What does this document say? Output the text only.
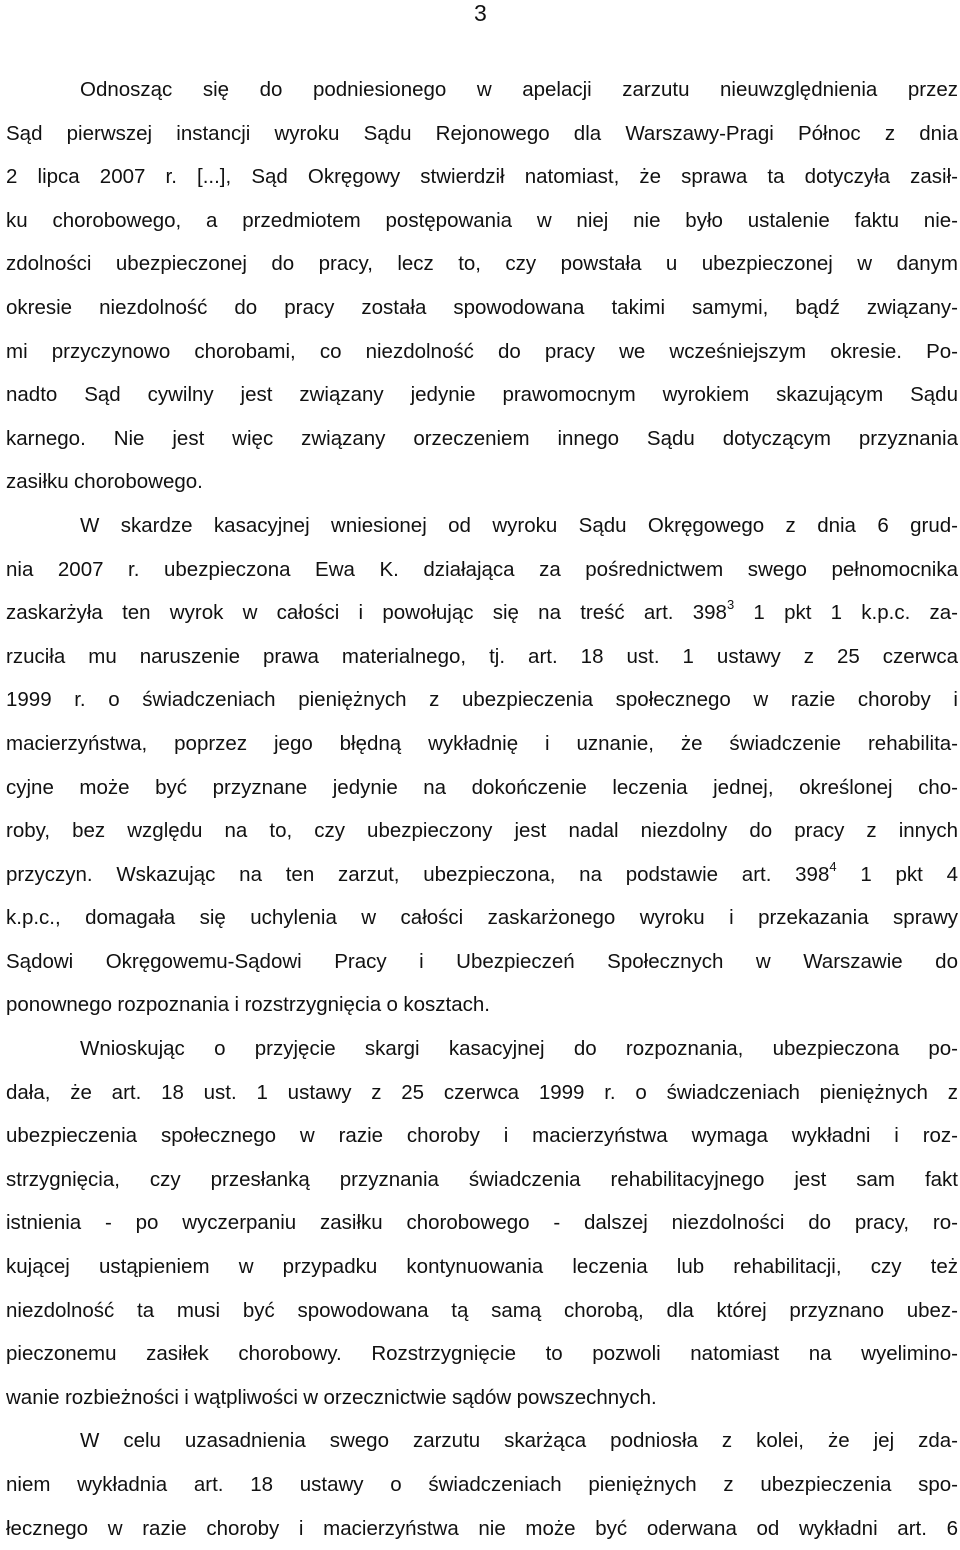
3
Odnosząc się do podniesionego w apelacji zarzutu nieuwzględnienia przez
Sąd pierwszej instancji wyroku Sądu Rejonowego dla Warszawy-Pragi Północ z dnia
2 lipca 2007 r. [...], Sąd Okręgowy stwierdził natomiast, że sprawa ta dotyczyła zasił-
ku chorobowego, a przedmiotem postępowania w niej nie było ustalenie faktu nie-
zdolności ubezpieczonej do pracy, lecz to, czy powstała u ubezpieczonej w danym
okresie niezdolność do pracy została spowodowana takimi samymi, bądź związany-
mi przyczynowo chorobami, co niezdolność do pracy we wcześniejszym okresie. Po-
nadto Sąd cywilny jest związany jedynie prawomocnym wyrokiem skazującym Sądu
karnego. Nie jest więc związany orzeczeniem innego Sądu dotyczącym przyznania
zasiłku chorobowego.
W skardze kasacyjnej wniesionej od wyroku Sądu Okręgowego z dnia 6 grud-
nia 2007 r. ubezpieczona Ewa K. działająca za pośrednictwem swego pełnomocnika
zaskarżyła ten wyrok w całości i powołując się na treść art. $398^3$ 1 pkt 1 k.p.c. za-
rzuciła mu naruszenie prawa materialnego, tj. art. 18 ust. 1 ustawy z 25 czerwca
1999 r. o świadczeniach pieniężnych z ubezpieczenia społecznego w razie choroby i
macierzyństwa, poprzez jego błędną wykładnię i uznanie, że świadczenie rehabilita-
cyjne może być przyznane jedynie na dokończenie leczenia jednej, określonej cho-
roby, bez względu na to, czy ubezpieczony jest nadal niezdolny do pracy z innych
przyczyn. Wskazując na ten zarzut, ubezpieczona, na podstawie art. $398^4$ 1 pkt 4
k.p.c., domagała się uchylenia w całości zaskarżonego wyroku i przekazania sprawy
Sądowi Okręgowemu-Sądowi Pracy i Ubezpieczeń Społecznych w Warszawie do
ponownego rozpoznania i rozstrzygnięcia o kosztach.
Wnioskując o przyjęcie skargi kasacyjnej do rozpoznania, ubezpieczona po-
dała, że art. 18 ust. 1 ustawy z 25 czerwca 1999 r. o świadczeniach pieniężnych z
ubezpieczenia społecznego w razie choroby i macierzyństwa wymaga wykładni i roz-
strzygnięcia, czy przesłanką przyznania świadczenia rehabilitacyjnego jest sam fakt
istnienia - po wyczerpaniu zasiłku chorobowego - dalszej niezdolności do pracy, ro-
kującej ustąpieniem w przypadku kontynuowania leczenia lub rehabilitacji, czy też
niezdolność ta musi być spowodowana tą samą chorobą, dla której przyznano ubez-
pieczonemu zasiłek chorobowy. Rozstrzygnięcie to pozwoli natomiast na wyelimino-
wanie rozbieżności i wątpliwości w orzecznictwie sądów powszechnych.
W celu uzasadnienia swego zarzutu skarżąca podniosła z kolei, że jej zda-
niem wykładnia art. 18 ustawy o świadczeniach pieniężnych z ubezpieczenia spo-
łecznego w razie choroby i macierzyństwa nie może być oderwana od wykładni art. 6
